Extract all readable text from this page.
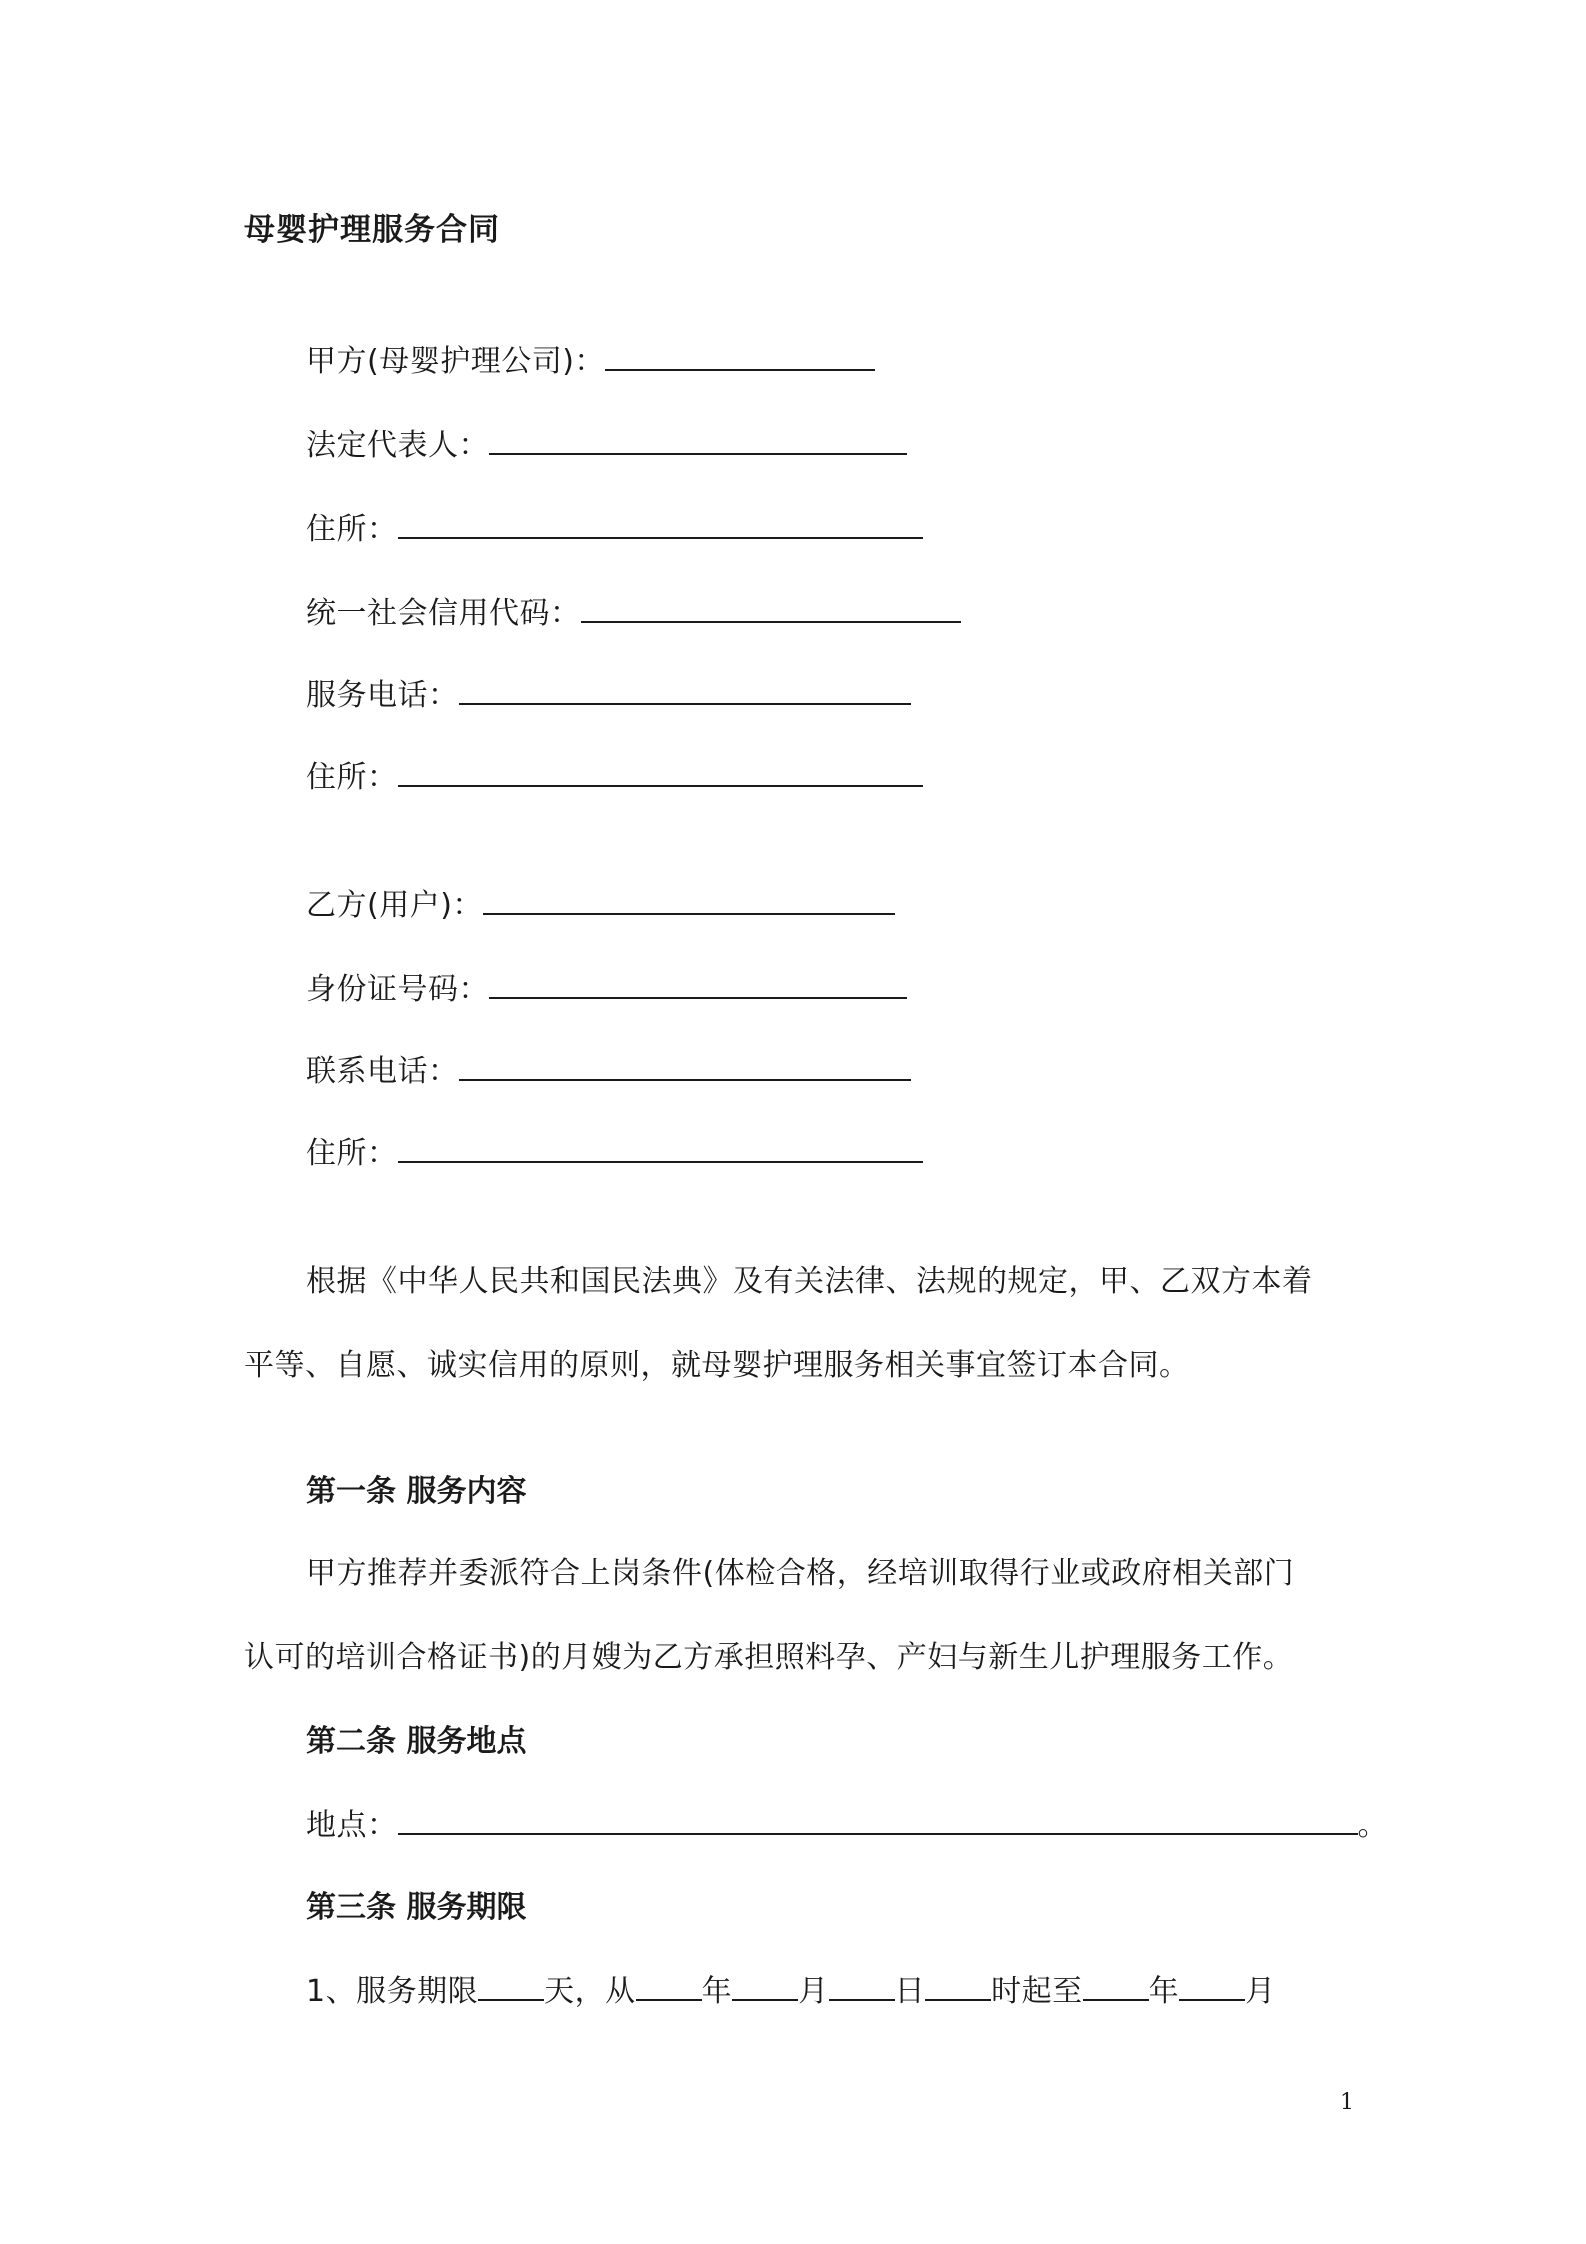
母婴护理服务合同
甲方(母婴护理公司)：
法定代表人：
住所：
统一社会信用代码：
服务电话：
住所：
乙方(用户)：
身份证号码：
联系电话：
住所：
根据《中华人民共和国民法典》及有关法律、法规的规定，甲、乙双方本着
平等、自愿、诚实信用的原则，就母婴护理服务相关事宜签订本合同。
第一条 服务内容
甲方推荐并委派符合上岗条件(体检合格，经培训取得行业或政府相关部门
认可的培训合格证书)的月嫂为乙方承担照料孕、产妇与新生儿护理服务工作。
第二条 服务地点
地点：	。
第三条 服务期限
1、服务期限 天，从 年 月 日 时起至 年 月
1
